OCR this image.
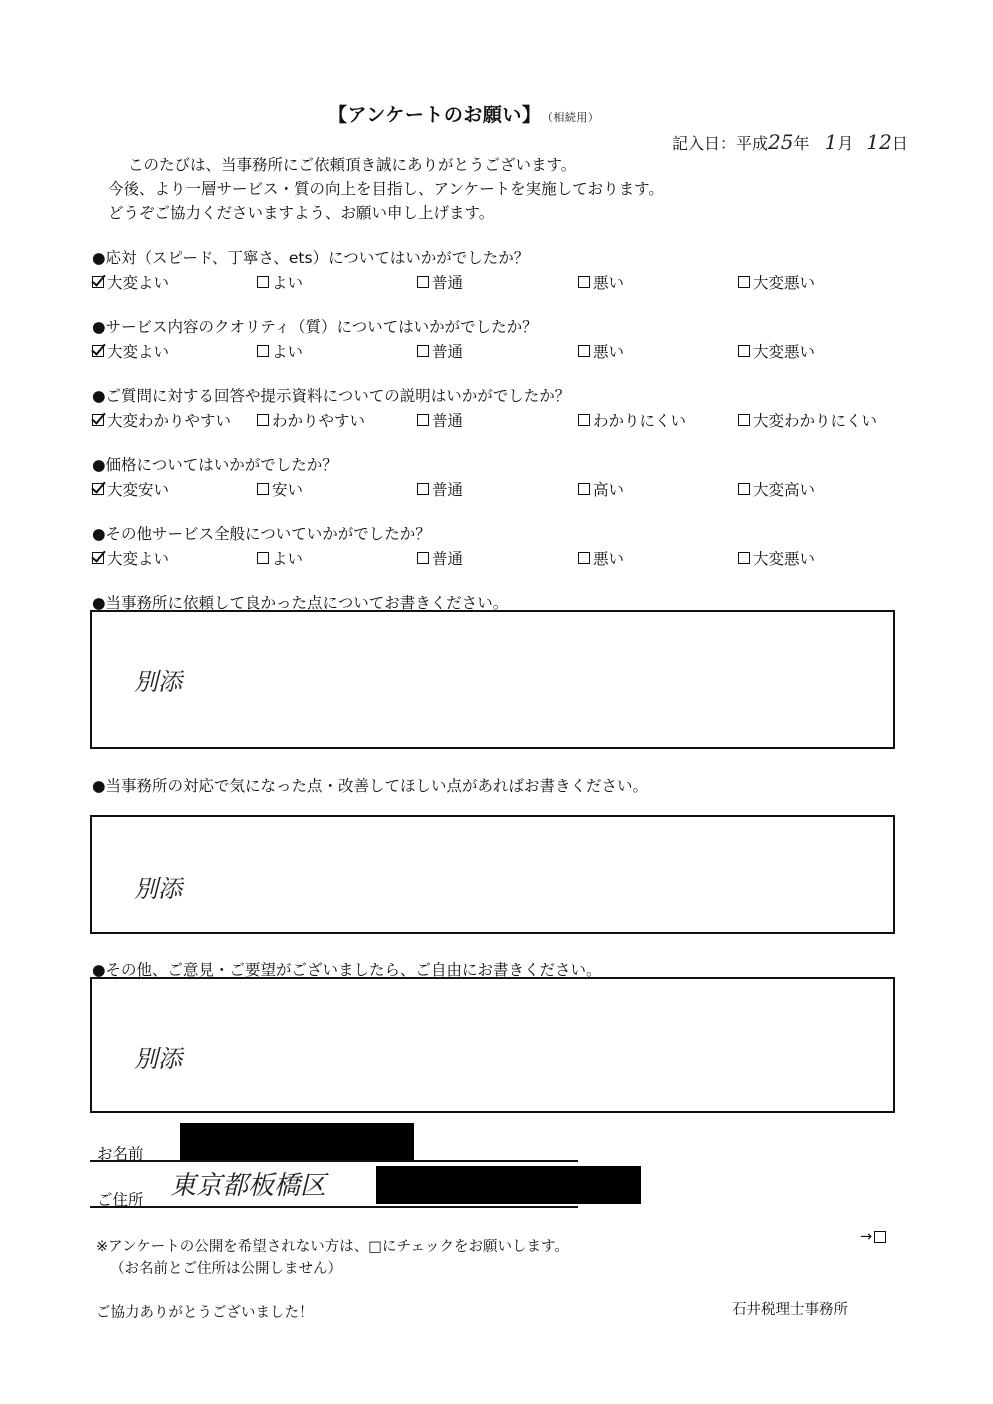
【アンケートのお願い】 （相続用）
記入日：平成25年 1月 12日
このたびは、当事務所にご依頼頂き誠にありがとうございます。
今後、より一層サービス・質の向上を目指し、アンケートを実施しております。
どうぞご協力くださいますよう、お願い申し上げます。
●応対（スピード、丁寧さ、ets）についてはいかがでしたか？
大変よい	よい	普通	悪い	大変悪い
●サービス内容のクオリティ（質）についてはいかがでしたか？
大変よい	よい	普通	悪い	大変悪い
●ご質問に対する回答や提示資料についての説明はいかがでしたか？
大変わかりやすい	わかりやすい	普通	わかりにくい	大変わかりにくい
●価格についてはいかがでしたか？
大変安い	安い	普通	高い	大変高い
●その他サービス全般についていかがでしたか？
大変よい	よい	普通	悪い	大変悪い
●当事務所に依頼して良かった点についてお書きください。
別添
●当事務所の対応で気になった点・改善してほしい点があればお書きください。
別添
●その他、ご意見・ご要望がございましたら、ご自由にお書きください。
別添
お名前
ご住所 東京都板橋区
※アンケートの公開を希望されない方は、□にチェックをお願いします。
（お名前とご住所は公開しません）
→
ご協力ありがとうございました！	石井税理士事務所
